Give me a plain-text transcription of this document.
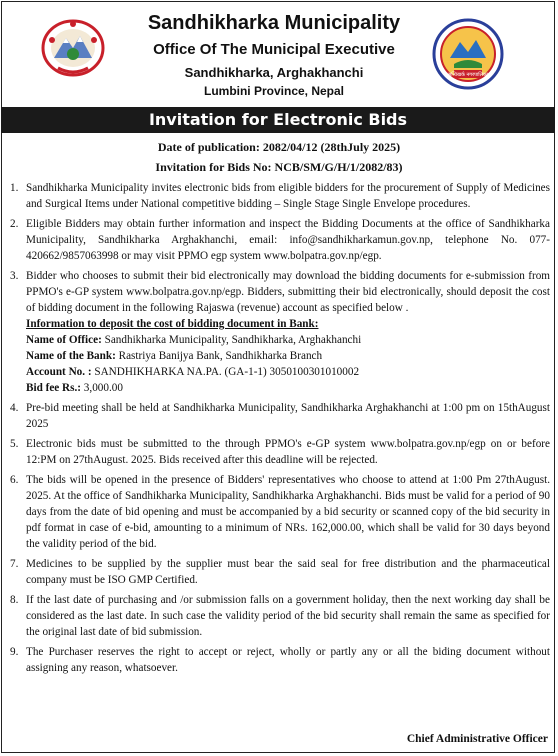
Sandhikharka Municipality
Office Of The Municipal Executive
Sandhikharka, Arghakhanchi
Lumbini Province, Nepal
सन्धिखर्क नगरपालिका
Invitation for Electronic Bids
Date of publication: 2082/04/12 (28thJuly 2025)
Invitation for Bids No: NCB/SM/G/H/1/2082/83)
1. Sandhikharka Municipality invites electronic bids from eligible bidders for the procurement of Supply of Medicines and Surgical Items under National competitive bidding – Single Stage Single Envelope procedures.
2. Eligible Bidders may obtain further information and inspect the Bidding Documents at the office of Sandhikharka Municipality, Sandhikharka Arghakhanchi, email: info@sandhikharkamun.gov.np, telephone No. 077-420662/9857063998 or may visit PPMO egp system www.bolpatra.gov.np/egp.
3. Bidder who chooses to submit their bid electronically may download the bidding documents for e-submission from PPMO's e-GP system www.bolpatra.gov.np/egp. Bidders, submitting their bid electronically, should deposit the cost of bidding document in the following Rajaswa (revenue) account as specified below .

Information to deposit the cost of bidding document in Bank:

Name of Office: Sandhikharka Municipality, Sandhikharka, Arghakhanchi

Name of the Bank: Rastriya Banijya Bank, Sandhikharka Branch

Account No. : SANDHIKHARKA NA.PA. (GA-1-1) 3050100301010002

Bid fee Rs.: 3,000.00

4. Pre-bid meeting shall be held at Sandhikharka Municipality, Sandhikharka Arghakhanchi at 1:00 pm on 15thAugust 2025
5. Electronic bids must be submitted to the through PPMO's e-GP system www.bolpatra.gov.np/egp on or before 12:PM on 27thAugust. 2025. Bids received after this deadline will be rejected.
6. The bids will be opened in the presence of Bidders' representatives who choose to attend at 1:00 Pm 27thAugust. 2025. At the office of Sandhikharka Municipality, Sandhikharka Arghakhanchi. Bids must be valid for a period of 90 days from the date of bid opening and must be accompanied by a bid security or scanned copy of the bid security in pdf format in case of e-bid, amounting to a minimum of NRs. 162,000.00, which shall be valid for 30 days beyond the validity period of the bid.
7. Medicines to be supplied by the supplier must bear the said seal for free distribution and the pharmaceutical company must be ISO GMP Certified.
8. If the last date of purchasing and /or submission falls on a government holiday, then the next working day shall be considered as the last date. In such case the validity period of the bid security shall remain the same as specified for the original last date of bid submission.
9. The Purchaser reserves the right to accept or reject, wholly or partly any or all the biding document without assigning any reason, whatsoever.
Chief Administrative Officer
